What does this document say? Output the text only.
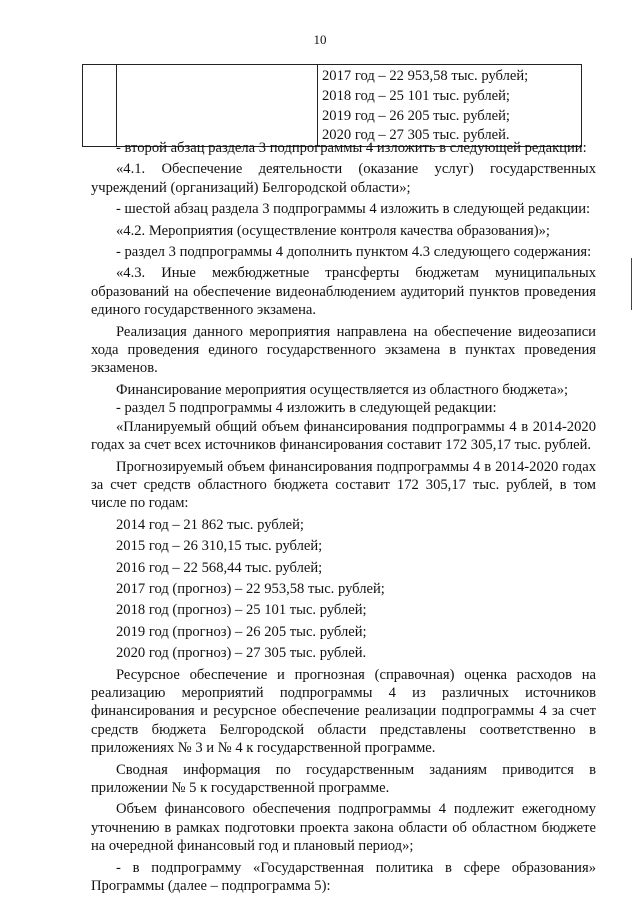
10

2017 год – 22 953,58 тыс. рублей;
2018 год – 25 101 тыс. рублей;
2019 год – 26 205 тыс. рублей;
2020 год – 27 305 тыс. рублей.

- второй абзац раздела 3 подпрограммы 4 изложить в следующей редакции:

«4.1. Обеспечение деятельности (оказание услуг) государственных учреждений (организаций) Белгородской области»;

- шестой абзац раздела 3 подпрограммы 4 изложить в следующей редакции:

«4.2. Мероприятия (осуществление контроля качества образования)»;

- раздел 3 подпрограммы 4 дополнить пунктом 4.3 следующего содержания:

«4.3. Иные межбюджетные трансферты бюджетам муниципальных образований на обеспечение видеонаблюдением аудиторий пунктов проведения единого государственного экзамена.

Реализация данного мероприятия направлена на обеспечение видеозаписи хода проведения единого государственного экзамена в пунктах проведения экзаменов.

Финансирование мероприятия осуществляется из областного бюджета»;

- раздел 5 подпрограммы 4 изложить в следующей редакции:

«Планируемый общий объем финансирования подпрограммы 4 в 2014-2020 годах за счет всех источников финансирования составит 172 305,17 тыс. рублей.

Прогнозируемый объем финансирования подпрограммы 4 в 2014-2020 годах за счет средств областного бюджета составит 172 305,17 тыс. рублей, в том числе по годам:

2014 год – 21 862 тыс. рублей;

2015 год – 26 310,15 тыс. рублей;

2016 год – 22 568,44 тыс. рублей;

2017 год (прогноз) – 22 953,58 тыс. рублей;

2018 год (прогноз) – 25 101 тыс. рублей;

2019 год (прогноз) – 26 205 тыс. рублей;

2020 год (прогноз) – 27 305 тыс. рублей.

Ресурсное обеспечение и прогнозная (справочная) оценка расходов на реализацию мероприятий подпрограммы 4 из различных источников финансирования и ресурсное обеспечение реализации подпрограммы 4 за счет средств бюджета Белгородской области представлены соответственно в приложениях № 3 и № 4 к государственной программе.

Сводная информация по государственным заданиям приводится в приложении № 5 к государственной программе.

Объем финансового обеспечения подпрограммы 4 подлежит ежегодному уточнению в рамках подготовки проекта закона области об областном бюджете на очередной финансовый год и плановый период»;

- в подпрограмму «Государственная политика в сфере образования» Программы (далее – подпрограмма 5):
